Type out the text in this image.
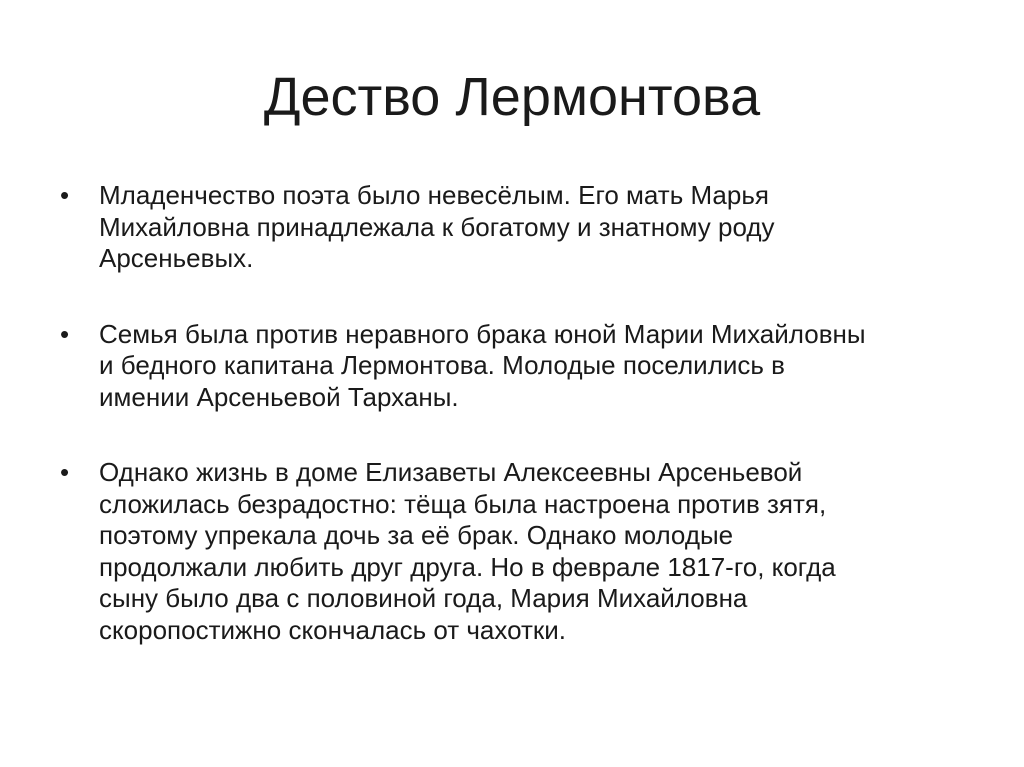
Дество Лермонтова
•	Младенчество поэта было невесёлым. Его мать Марья
Михайловна принадлежала к богатому и знатному роду
Арсеньевых.
•	Семья была против неравного брака юной Марии Михайловны
и бедного капитана Лермонтова. Молодые поселились в
имении Арсеньевой Тарханы.
•	Однако жизнь в доме Елизаветы Алексеевны Арсеньевой
сложилась безрадостно: тёща была настроена против зятя,
поэтому упрекала дочь за её брак. Однако молодые
продолжали любить друг друга. Но в феврале 1817-го, когда
сыну было два с половиной года, Мария Михайловна
скоропостижно скончалась от чахотки.
